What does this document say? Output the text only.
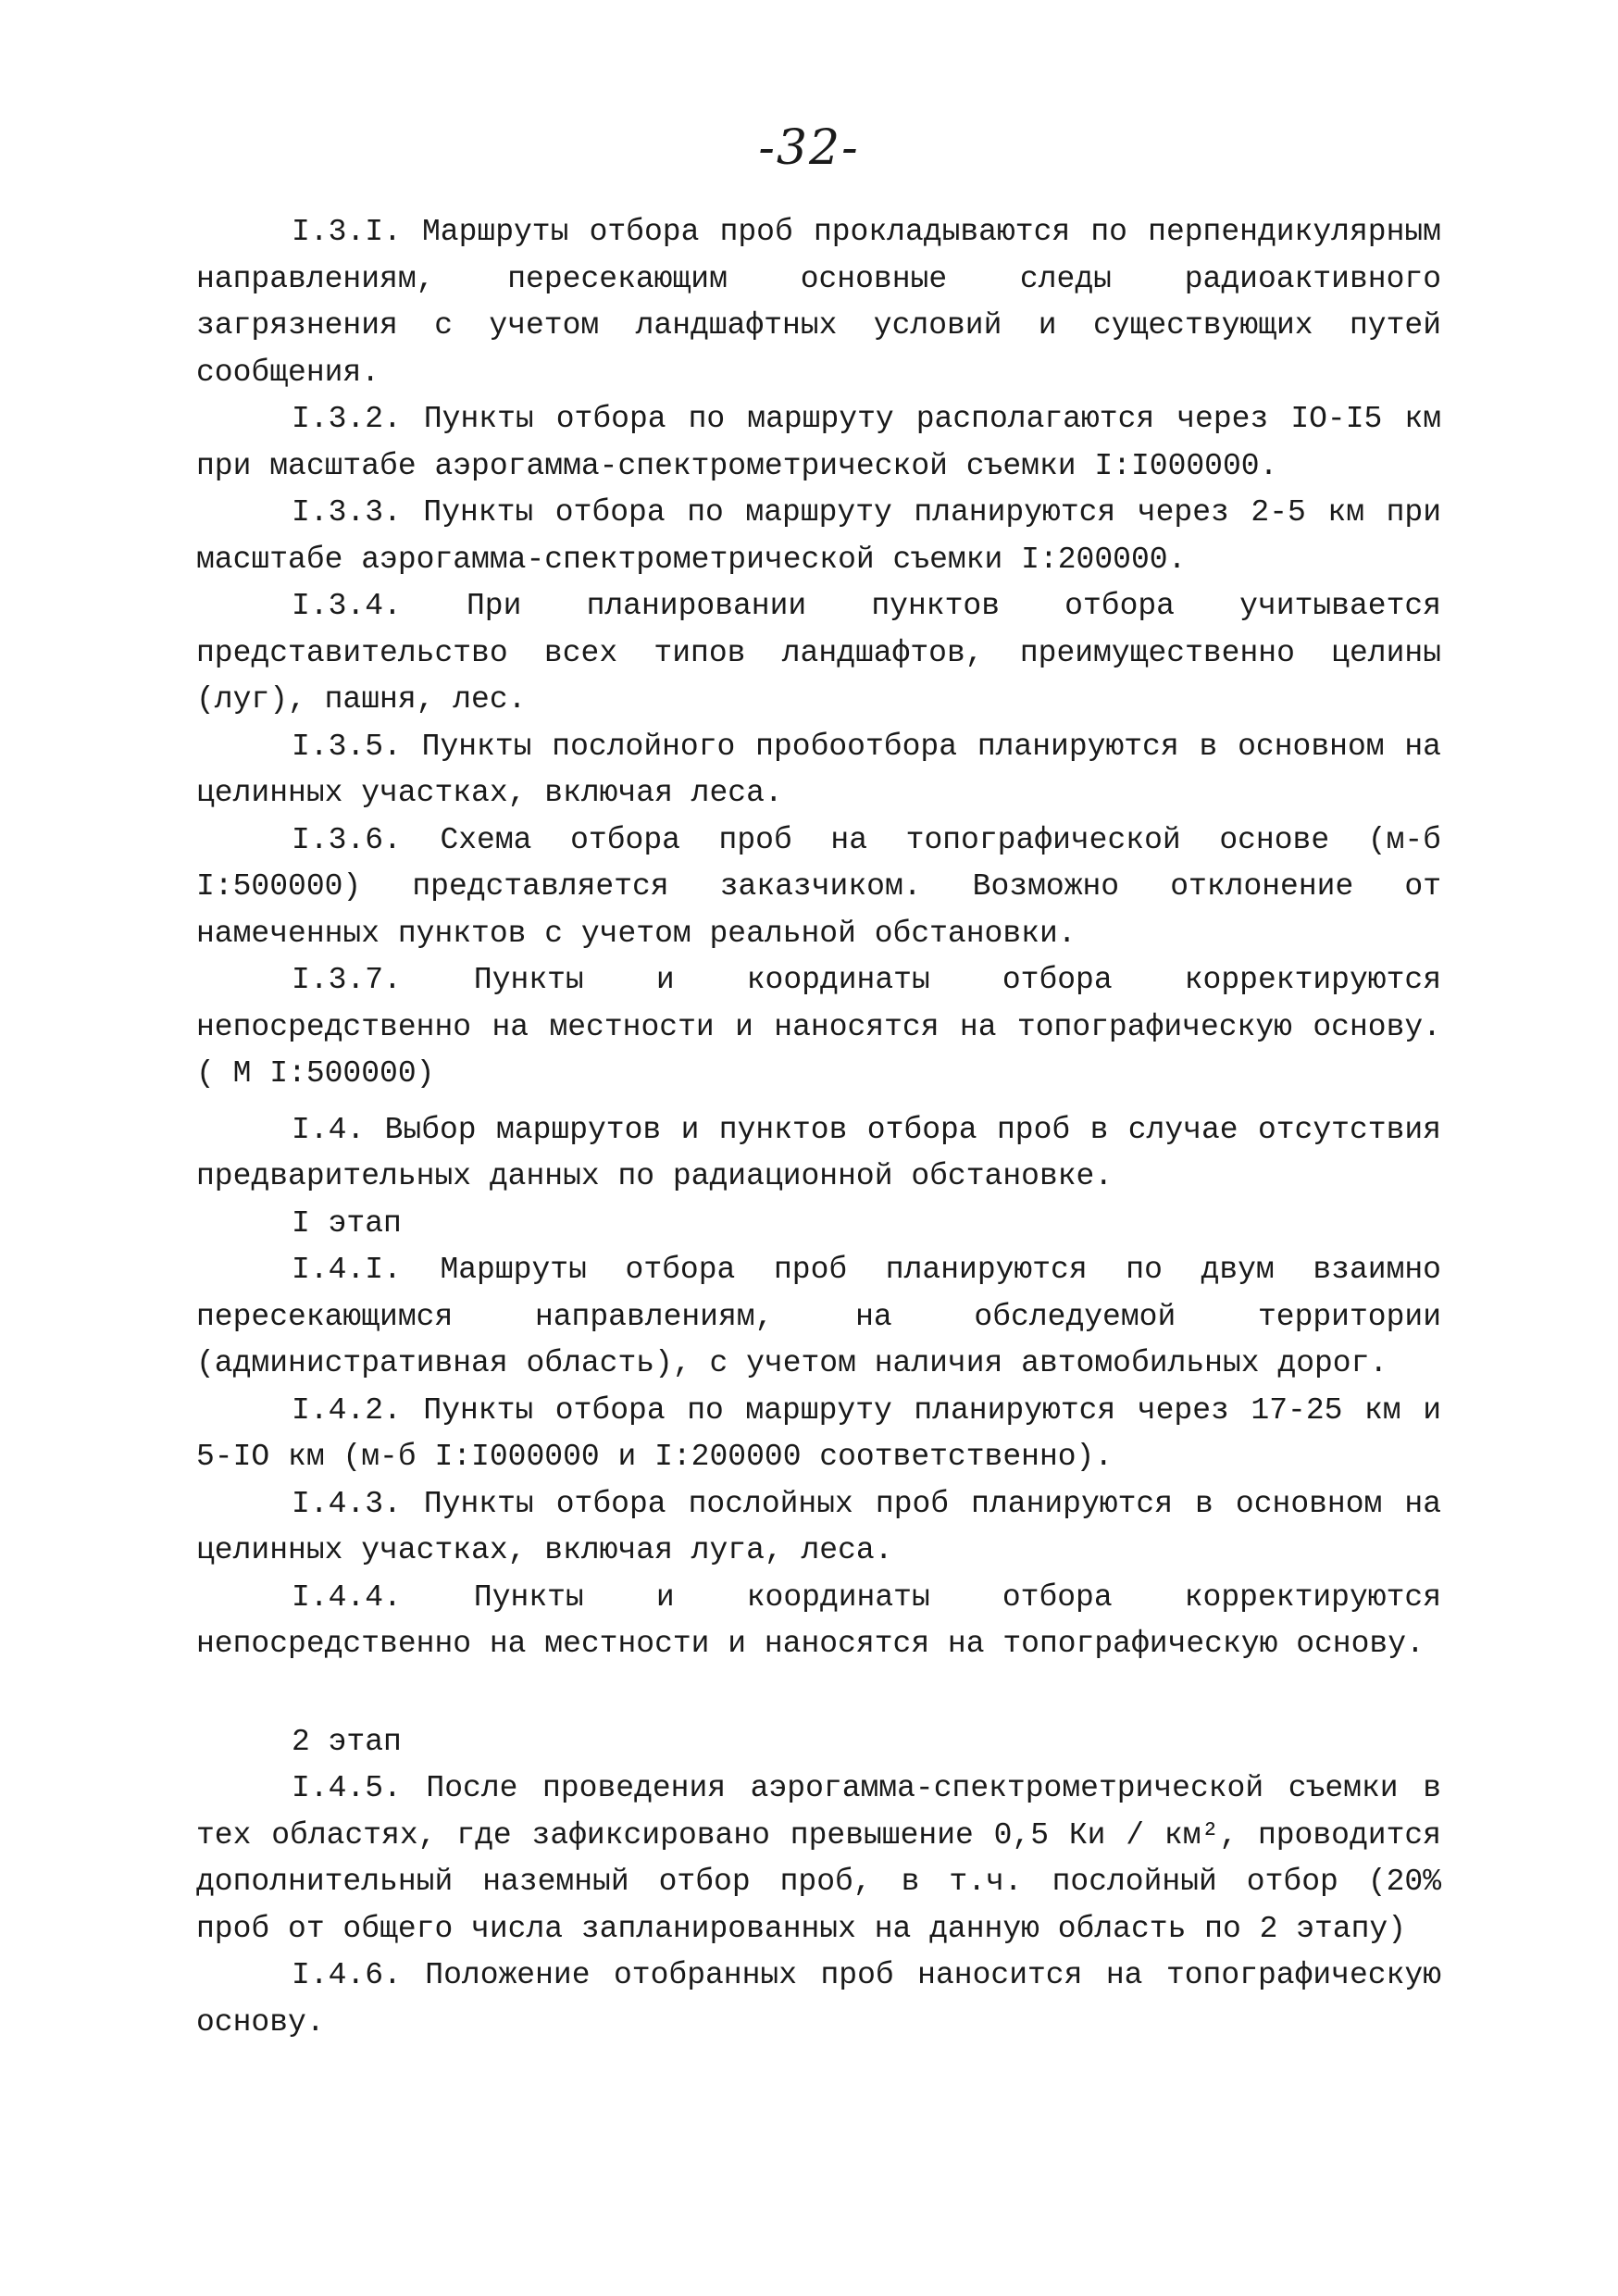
-32-

I.3.I. Маршруты отбора проб прокладываются по перпендикулярным направлениям, пересекающим основные следы радиоактивного загрязнения с учетом ландшафтных условий и существующих путей сообщения.

I.3.2. Пункты отбора по маршруту располагаются через IO-I5 км при масштабе аэрогамма-спектрометрической съемки I:I000000.

I.3.3. Пункты отбора по маршруту планируются через 2-5 км при масштабе аэрогамма-спектрометрической съемки I:200000.

I.3.4. При планировании пунктов отбора учитывается представительство всех типов ландшафтов, преимущественно целины (луг), пашня, лес.

I.3.5. Пункты послойного пробоотбора планируются в основном на целинных участках, включая леса.

I.3.6. Схема отбора проб на топографической основе (м-б I:500000) представляется заказчиком. Возможно отклонение от намеченных пунктов с учетом реальной обстановки.

I.3.7. Пункты и координаты отбора корректируются непосредственно на местности и наносятся на топографическую основу. ( М I:500000)

I.4. Выбор маршрутов и пунктов отбора проб в случае отсутствия предварительных данных по радиационной обстановке.

I этап

I.4.I. Маршруты отбора проб планируются по двум взаимно пересекающимся направлениям, на обследуемой территории (административная область), с учетом наличия автомобильных дорог.

I.4.2. Пункты отбора по маршруту планируются через 17-25 км и 5-IO км (м-б I:I000000 и I:200000 соответственно).

I.4.3. Пункты отбора послойных проб планируются в основном на целинных участках, включая луга, леса.

I.4.4. Пункты и координаты отбора корректируются непосредственно на местности и наносятся на топографическую основу.

2 этап

I.4.5. После проведения аэрогамма-спектрометрической съемки в тех областях, где зафиксировано превышение 0,5 Ки / км², проводится дополнительный наземный отбор проб, в т.ч. послойный отбор (20% проб от общего числа запланированных на данную область по 2 этапу)

I.4.6. Положение отобранных проб наносится на топографическую основу.
